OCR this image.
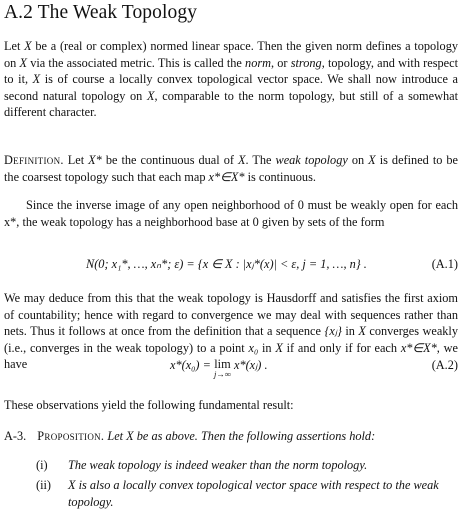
A.2 The Weak Topology
Let X be a (real or complex) normed linear space. Then the given norm defines a topology on X via the associated metric. This is called the norm, or strong, topology, and with respect to it, X is of course a locally convex topological vector space. We shall now introduce a second natural topology on X, comparable to the norm topology, but still of a somewhat different character.
Definition. Let X* be the continuous dual of X. The weak topology on X is defined to be the coarsest topology such that each map x*∈X* is continuous.
Since the inverse image of any open neighborhood of 0 must be weakly open for each x*, the weak topology has a neighborhood base at 0 given by sets of the form
N(0; x₁*, …, xₙ*; ε) = {x ∈ X : |xⱼ*(x)| < ε, j = 1, …, n} .	(A.1)
We may deduce from this that the weak topology is Hausdorff and satisfies the first axiom of countability; hence with regard to convergence we may deal with sequences rather than nets. Thus it follows at once from the definition that a sequence {xⱼ} in X converges weakly (i.e., converges in the weak topology) to a point x₀ in X if and only if for each x*∈X*, we have	x*(x₀) = lim
j→∞
x*(xⱼ) .	(A.2)
These observations yield the following fundamental result:
A-3. Proposition. Let X be as above. Then the following assertions hold:
(i) The weak topology is indeed weaker than the norm topology.
(ii) X is also a locally convex topological vector space with respect to the weak topology.
